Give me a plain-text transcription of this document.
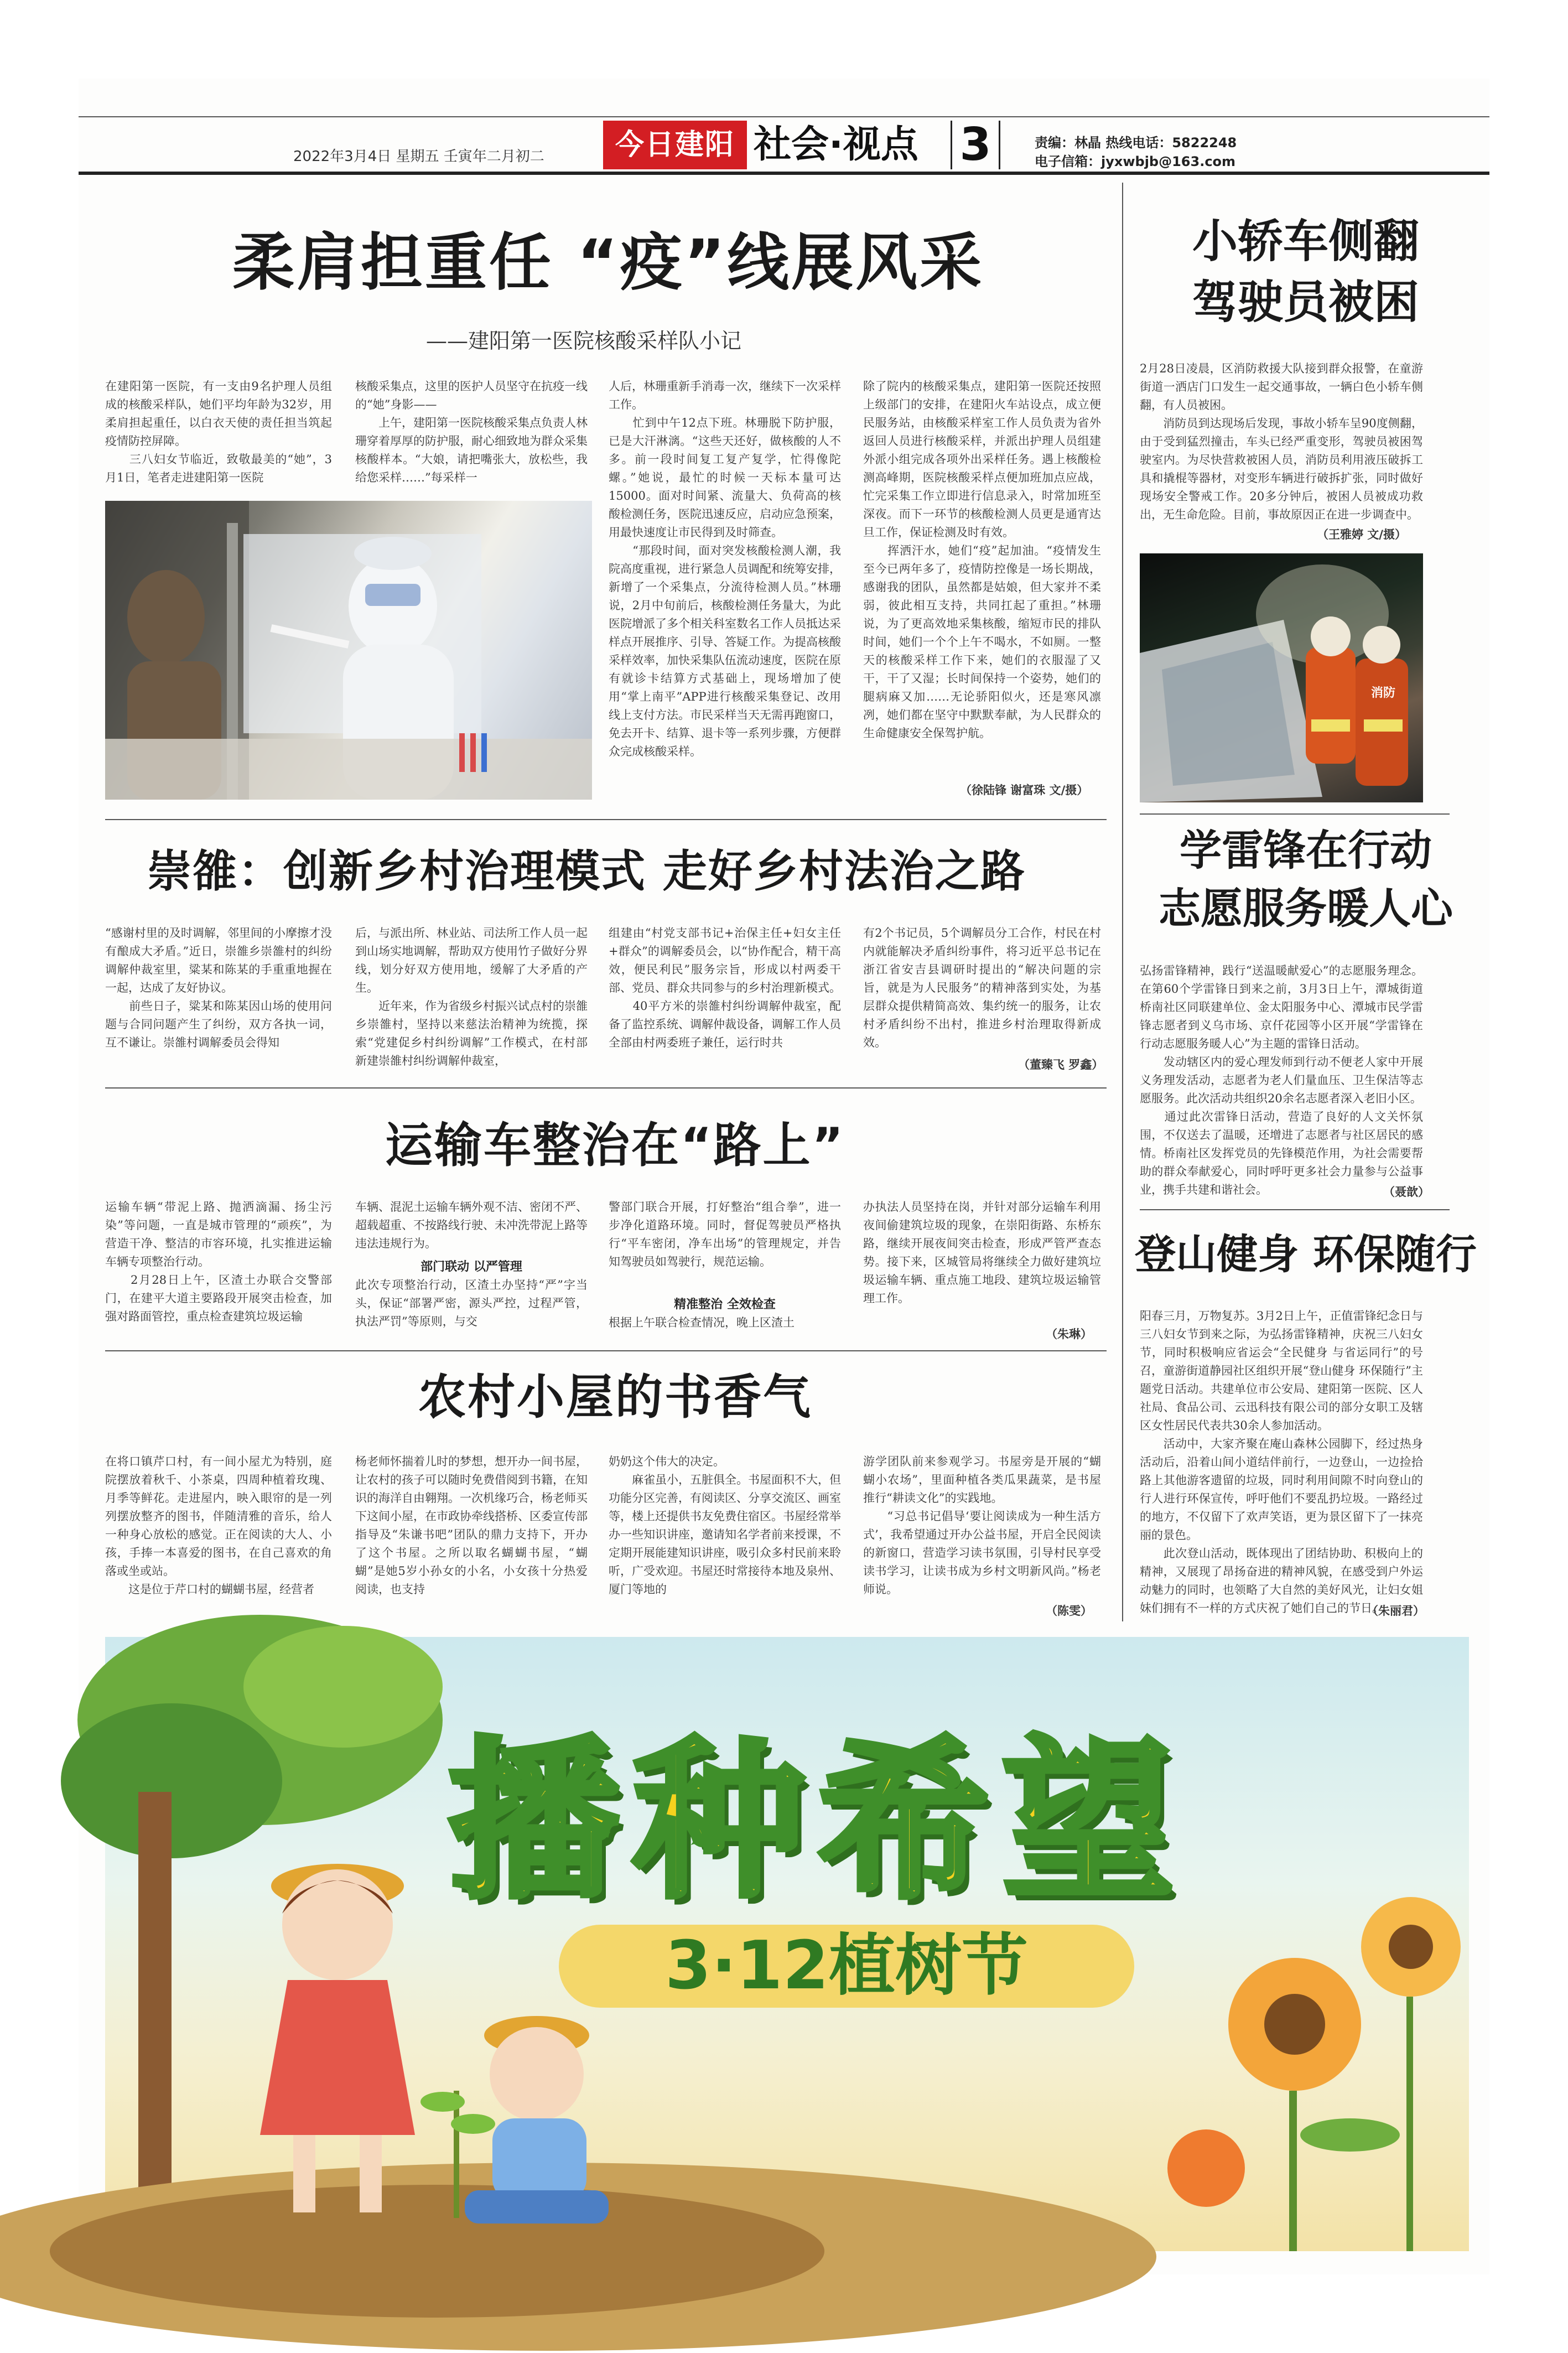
2022年3月4日 星期五 壬寅年二月初二	今日建阳 社会·视点 3	责编：林晶 热线电话：5822248
电子信箱：jyxwbjb@163.com
柔肩担重任 “疫”线展风采
——建阳第一医院核酸采样队小记
在建阳第一医院，有一支由9名护理人员组成的核酸采样队，她们平均年龄为32岁，用柔肩担起重任，以白衣天使的责任担当筑起疫情防控屏障。
　　三八妇女节临近，致敬最美的“她”，3月1日，笔者走进建阳第一医院
核酸采集点，这里的医护人员坚守在抗疫一线的“她”身影——
　　上午，建阳第一医院核酸采集点负责人林珊穿着厚厚的防护服，耐心细致地为群众采集核酸样本。“大娘，请把嘴张大，放松些，我给您采样……”每采样一
人后，林珊重新手消毒一次，继续下一次采样工作。
　　忙到中午12点下班。林珊脱下防护服，已是大汗淋漓。“这些天还好，做核酸的人不多。前一段时间复工复产复学，忙得像陀螺。”她说，最忙的时候一天标本量可达15000。面对时间紧、流量大、负荷高的核酸检测任务，医院迅速反应，启动应急预案，用最快速度让市民得到及时筛查。
　　“那段时间，面对突发核酸检测人潮，我院高度重视，进行紧急人员调配和统筹安排，新增了一个采集点，分流待检测人员。”林珊说，2月中旬前后，核酸检测任务量大，为此医院增派了多个相关科室数名工作人员抵达采样点开展推序、引导、答疑工作。为提高核酸采样效率，加快采集队伍流动速度，医院在原有就诊卡结算方式基础上，现场增加了使用“掌上南平”APP进行核酸采集登记、改用线上支付方法。市民采样当天无需再跑窗口，免去开卡、结算、退卡等一系列步骤，方便群众完成核酸采样。
除了院内的核酸采集点，建阳第一医院还按照上级部门的安排，在建阳火车站设点，成立便民服务站，由核酸采样室工作人员负责为省外返回人员进行核酸采样，并派出护理人员组建外派小组完成各项外出采样任务。遇上核酸检测高峰期，医院核酸采样点便加班加点应战，忙完采集工作立即进行信息录入，时常加班至深夜。而下一环节的核酸检测人员更是通宵达旦工作，保证检测及时有效。
　　挥洒汗水，她们“疫”起加油。“疫情发生至今已两年多了，疫情防控像是一场长期战，感谢我的团队，虽然都是姑娘，但大家并不柔弱，彼此相互支持，共同扛起了重担。”林珊说，为了更高效地采集核酸，缩短市民的排队时间，她们一个个上午不喝水，不如厕。一整天的核酸采样工作下来，她们的衣服湿了又干，干了又湿；长时间保持一个姿势，她们的腿病麻又加……无论骄阳似火，还是寒风凛冽，她们都在坚守中默默奉献，为人民群众的生命健康安全保驾护航。
（徐陆锋 谢富珠 文/摄）
小轿车侧翻
驾驶员被困
2月28日凌晨，区消防救援大队接到群众报警，在童游街道一洒店门口发生一起交通事故，一辆白色小轿车侧翻，有人员被困。
　　消防员到达现场后发现，事故小轿车呈90度侧翻，由于受到猛烈撞击，车头已经严重变形，驾驶员被困驾驶室内。为尽快营救被困人员，消防员利用液压破拆工具和撬棍等器材，对变形车辆进行破拆扩张，同时做好现场安全警戒工作。20多分钟后，被困人员被成功救出，无生命危险。目前，事故原因正在进一步调查中。
（王雅婷 文/摄）
消防
学雷锋在行动
志愿服务暖人心
弘扬雷锋精神，践行“送温暖献爱心”的志愿服务理念。在第60个学雷锋日到来之前，3月3日上午，潭城街道桥南社区同联建单位、金太阳服务中心、潭城市民学雷锋志愿者到义乌市场、京仟花园等小区开展“学雷锋在行动志愿服务暖人心”为主题的雷锋日活动。
　　发动辖区内的爱心理发师到行动不便老人家中开展义务理发活动，志愿者为老人们量血压、卫生保洁等志愿服务。此次活动共组织20余名志愿者深入老旧小区。
　　通过此次雷锋日活动，营造了良好的人文关怀氛围，不仅送去了温暖，还增进了志愿者与社区居民的感情。桥南社区发挥党员的先锋模范作用，为社会需要帮助的群众奉献爱心，同时呼吁更多社会力量参与公益事业，携手共建和谐社会。	（聂歆）
登山健身 环保随行
阳春三月，万物复苏。3月2日上午，正值雷锋纪念日与三八妇女节到来之际，为弘扬雷锋精神，庆祝三八妇女节，同时积极响应省运会“全民健身 与省运同行”的号召，童游街道静园社区组织开展“登山健身 环保随行”主题党日活动。共建单位市公安局、建阳第一医院、区人社局、食品公司、云迅科技有限公司的部分女职工及辖区女性居民代表共30余人参加活动。
　　活动中，大家齐聚在庵山森林公园脚下，经过热身活动后，沿着山间小道结伴前行，一边登山，一边捡拾路上其他游客遗留的垃圾，同时利用间隙不时向登山的行人进行环保宣传，呼吁他们不要乱扔垃圾。一路经过的地方，不仅留下了欢声笑语，更为景区留下了一抹亮丽的景色。
　　此次登山活动，既体现出了团结协助、积极向上的精神，又展现了昂扬奋进的精神风貌，在感受到户外运动魅力的同时，也领略了大自然的美好风光，让妇女姐妹们拥有不一样的方式庆祝了她们自己的节日。
（朱丽君）
崇雒：创新乡村治理模式 走好乡村法治之路
“感谢村里的及时调解，邻里间的小摩擦才没有酿成大矛盾。”近日，崇雒乡崇雒村的纠纷调解仲裁室里，粱某和陈某的手重重地握在一起，达成了友好协议。
　　前些日子，粱某和陈某因山场的使用问题与合同问题产生了纠纷，双方各执一词，互不谦让。崇雒村调解委员会得知
后，与派出所、林业站、司法所工作人员一起到山场实地调解，帮助双方使用竹子做好分界线，划分好双方使用地，缓解了大矛盾的产生。
　　近年来，作为省级乡村振兴试点村的崇雒乡崇雒村，坚持以来慈法治精神为统揽，探索“党建促乡村纠纷调解”工作模式，在村部新建崇雒村纠纷调解仲裁室，
组建由“村党支部书记+治保主任+妇女主任+群众”的调解委员会，以“协作配合，精干高效，便民利民”服务宗旨，形成以村两委干部、党员、群众共同参与的乡村治理新模式。
　　40平方米的崇雒村纠纷调解仲裁室，配备了监控系统、调解仲裁设备，调解工作人员全部由村两委班子兼任，运行时共
有2个书记员，5个调解员分工合作，村民在村内就能解决矛盾纠纷事件，将习近平总书记在浙江省安吉县调研时提出的“解决问题的宗旨，就是为人民服务”的精神落到实处，为基层群众提供精简高效、集约统一的服务，让农村矛盾纠纷不出村，推进乡村治理取得新成效。
（董臻飞 罗鑫）
运输车整治在“路上”
运输车辆“带泥上路、抛洒滴漏、扬尘污染”等问题，一直是城市管理的“顽疾”，为营造干净、整洁的市容环境，扎实推进运输车辆专项整治行动。
　　2月28日上午，区渣土办联合交警部门，在建平大道主要路段开展突击检查，加强对路面管控，重点检查建筑垃圾运输
车辆、混泥土运输车辆外观不洁、密闭不严、超载超重、不按路线行驶、未冲洗带泥上路等违法违规行为。
部门联动 以严管理
此次专项整治行动，区渣土办坚持“严”字当头，保证“部署严密，源头严控，过程严管，执法严罚”等原则，与交
警部门联合开展，打好整治“组合拳”，进一步净化道路环境。同时，督促驾驶员严格执行“平车密闭，净车出场”的管理规定，并告知驾驶员如驾驶行，规范运输。
精准整治 全效检查
根据上午联合检查情况，晚上区渣土
办执法人员坚持在岗，并针对部分运输车利用夜间偷建筑垃圾的现象，在崇阳街路、东桥东路，继续开展夜间突击检查，形成严管严查态势。接下来，区城管局将继续全力做好建筑垃圾运输车辆、重点施工地段、建筑垃圾运输管理工作。
（朱琳）
农村小屋的书香气
在将口镇芹口村，有一间小屋尤为特别，庭院摆放着秋千、小茶桌，四周种植着玫瑰、月季等鲜花。走进屋内，映入眼帘的是一列列摆放整齐的图书，伴随清雅的音乐，给人一种身心放松的感觉。正在阅读的大人、小孩，手捧一本喜爱的图书，在自己喜欢的角落或坐或站。
　　这是位于芹口村的蝴蝴书屋，经营者
杨老师怀揣着儿时的梦想，想开办一间书屋，让农村的孩子可以随时免费借阅到书籍，在知识的海洋自由翱翔。一次机缘巧合，杨老师买下这间小屋，在市政协牵线搭桥、区委宣传部指导及“朱谦书吧”团队的鼎力支持下，开办了这个书屋。之所以取名蝴蝴书屋，“蝴蝴”是她5岁小孙女的小名，小女孩十分热爱阅读，也支持
奶奶这个伟大的决定。
　　麻雀虽小，五脏俱全。书屋面积不大，但功能分区完善，有阅读区、分享交流区、画室等，楼上还提供书友免费住宿区。书屋经常举办一些知识讲座，邀请知名学者前来授课，不定期开展能建知识讲座，吸引众多村民前来聆听，广受欢迎。书屋还时常接待本地及泉州、厦门等地的
游学团队前来参观学习。书屋旁是开展的“蝴蝴小农场”，里面种植各类瓜果蔬菜，是书屋推行“耕读文化”的实践地。
　　“习总书记倡导‘要让阅读成为一种生活方式’，我希望通过开办公益书屋，开启全民阅读的新窗口，营造学习读书氛围，引导村民享受读书学习，让读书成为乡村文明新风尚。”杨老师说。
（陈雯）
播种希望
3·12植树节
